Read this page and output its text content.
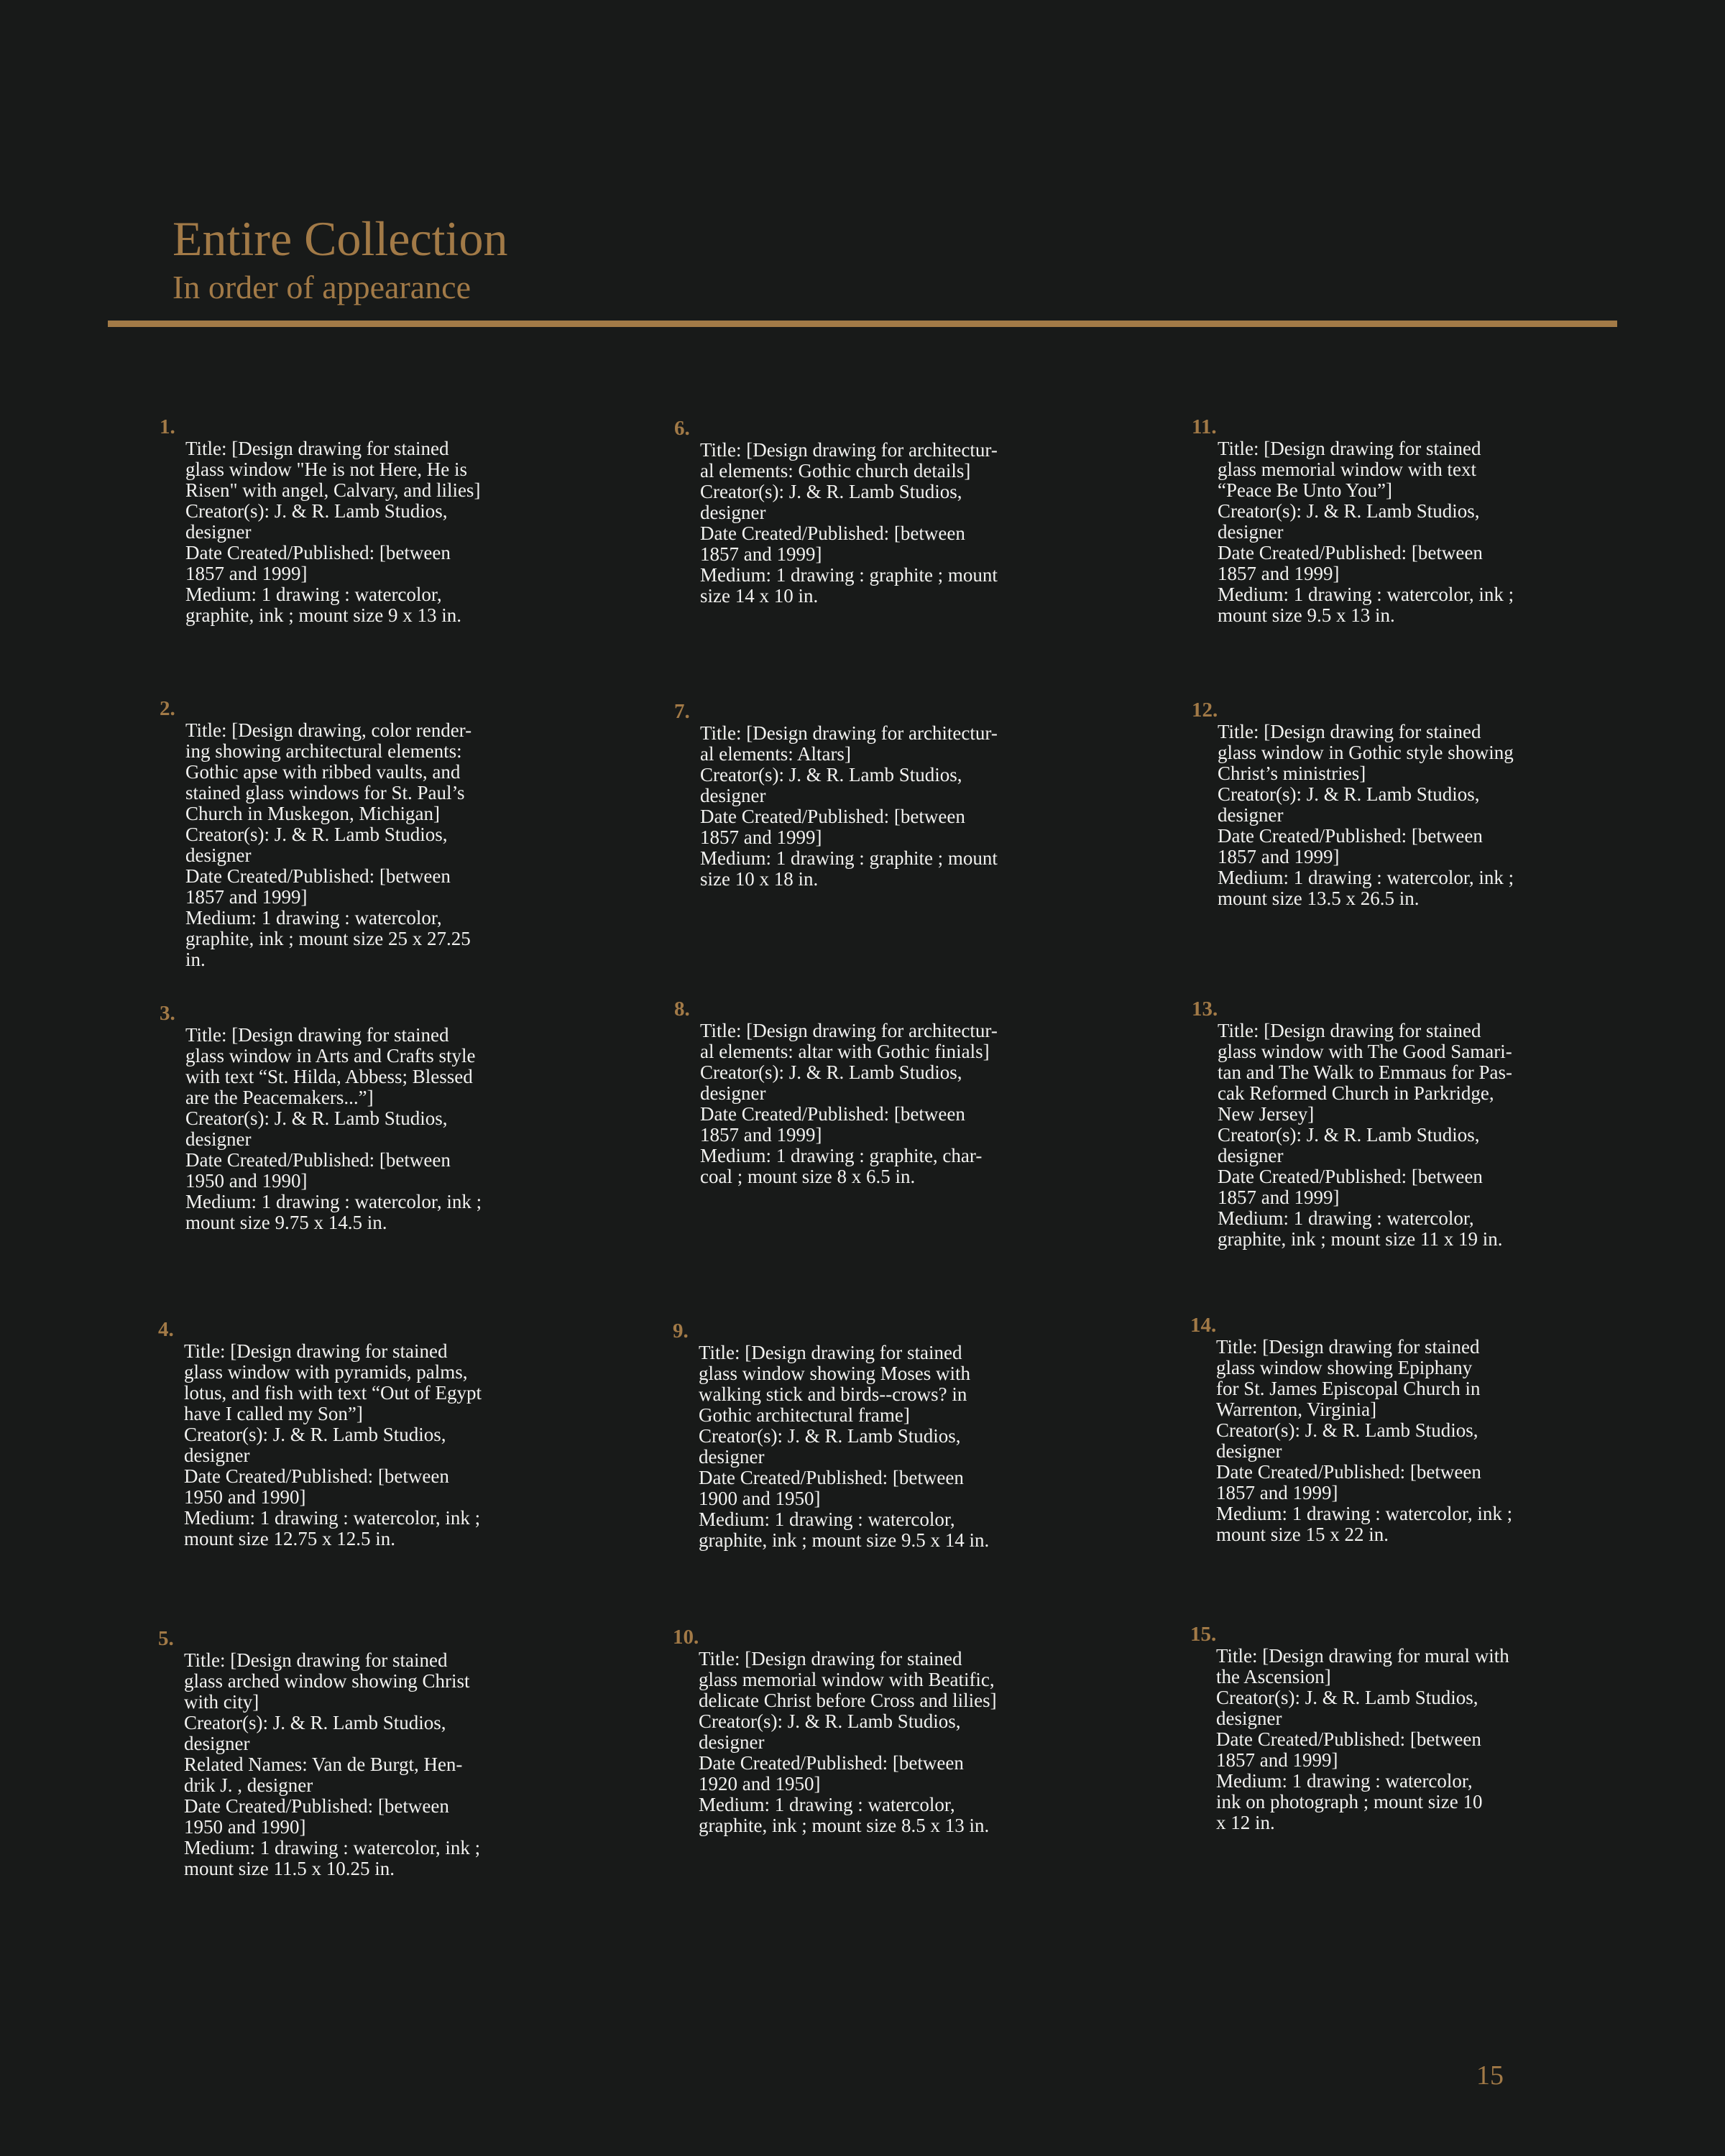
Entire Collection
In order of appearance
1.
Title: [Design drawing for stained
glass window "He is not Here, He is
Risen" with angel, Calvary, and lilies]
Creator(s): J. & R. Lamb Studios,
designer
Date Created/Published: [between
1857 and 1999]
Medium: 1 drawing : watercolor,
graphite, ink ; mount size 9 x 13 in.
2.
Title: [Design drawing, color render-
ing showing architectural elements:
Gothic apse with ribbed vaults, and
stained glass windows for St. Paul’s
Church in Muskegon, Michigan]
Creator(s): J. & R. Lamb Studios,
designer
Date Created/Published: [between
1857 and 1999]
Medium: 1 drawing : watercolor,
graphite, ink ; mount size 25 x 27.25
in.
3.
Title: [Design drawing for stained
glass window in Arts and Crafts style
with text “St. Hilda, Abbess; Blessed
are the Peacemakers...”]
Creator(s): J. & R. Lamb Studios,
designer
Date Created/Published: [between
1950 and 1990]
Medium: 1 drawing : watercolor, ink ;
mount size 9.75 x 14.5 in.
4.
Title: [Design drawing for stained
glass window with pyramids, palms,
lotus, and fish with text “Out of Egypt
have I called my Son”]
Creator(s): J. & R. Lamb Studios,
designer
Date Created/Published: [between
1950 and 1990]
Medium: 1 drawing : watercolor, ink ;
mount size 12.75 x 12.5 in.
5.
Title: [Design drawing for stained
glass arched window showing Christ
with city]
Creator(s): J. & R. Lamb Studios,
designer
Related Names: Van de Burgt, Hen-
drik J. , designer
Date Created/Published: [between
1950 and 1990]
Medium: 1 drawing : watercolor, ink ;
mount size 11.5 x 10.25 in.
6.
Title: [Design drawing for architectur-
al elements: Gothic church details]
Creator(s): J. & R. Lamb Studios,
designer
Date Created/Published: [between
1857 and 1999]
Medium: 1 drawing : graphite ; mount
size 14 x 10 in.
7.
Title: [Design drawing for architectur-
al elements: Altars]
Creator(s): J. & R. Lamb Studios,
designer
Date Created/Published: [between
1857 and 1999]
Medium: 1 drawing : graphite ; mount
size 10 x 18 in.
8.
Title: [Design drawing for architectur-
al elements: altar with Gothic finials]
Creator(s): J. & R. Lamb Studios,
designer
Date Created/Published: [between
1857 and 1999]
Medium: 1 drawing : graphite, char-
coal ; mount size 8 x 6.5 in.
9.
Title: [Design drawing for stained
glass window showing Moses with
walking stick and birds--crows? in
Gothic architectural frame]
Creator(s): J. & R. Lamb Studios,
designer
Date Created/Published: [between
1900 and 1950]
Medium: 1 drawing : watercolor,
graphite, ink ; mount size 9.5 x 14 in.
10.
Title: [Design drawing for stained
glass memorial window with Beatific,
delicate Christ before Cross and lilies]
Creator(s): J. & R. Lamb Studios,
designer
Date Created/Published: [between
1920 and 1950]
Medium: 1 drawing : watercolor,
graphite, ink ; mount size 8.5 x 13 in.
11.
Title: [Design drawing for stained
glass memorial window with text
“Peace Be Unto You”]
Creator(s): J. & R. Lamb Studios,
designer
Date Created/Published: [between
1857 and 1999]
Medium: 1 drawing : watercolor, ink ;
mount size 9.5 x 13 in.
12.
Title: [Design drawing for stained
glass window in Gothic style showing
Christ’s ministries]
Creator(s): J. & R. Lamb Studios,
designer
Date Created/Published: [between
1857 and 1999]
Medium: 1 drawing : watercolor, ink ;
mount size 13.5 x 26.5 in.
13.
Title: [Design drawing for stained
glass window with The Good Samari-
tan and The Walk to Emmaus for Pas-
cak Reformed Church in Parkridge,
New Jersey]
Creator(s): J. & R. Lamb Studios,
designer
Date Created/Published: [between
1857 and 1999]
Medium: 1 drawing : watercolor,
graphite, ink ; mount size 11 x 19 in.
14.
Title: [Design drawing for stained
glass window showing Epiphany
for St. James Episcopal Church in
Warrenton, Virginia]
Creator(s): J. & R. Lamb Studios,
designer
Date Created/Published: [between
1857 and 1999]
Medium: 1 drawing : watercolor, ink ;
mount size 15 x 22 in.
15.
Title: [Design drawing for mural with
the Ascension]
Creator(s): J. & R. Lamb Studios,
designer
Date Created/Published: [between
1857 and 1999]
Medium: 1 drawing : watercolor,
ink on photograph ; mount size 10
x 12 in.
15
